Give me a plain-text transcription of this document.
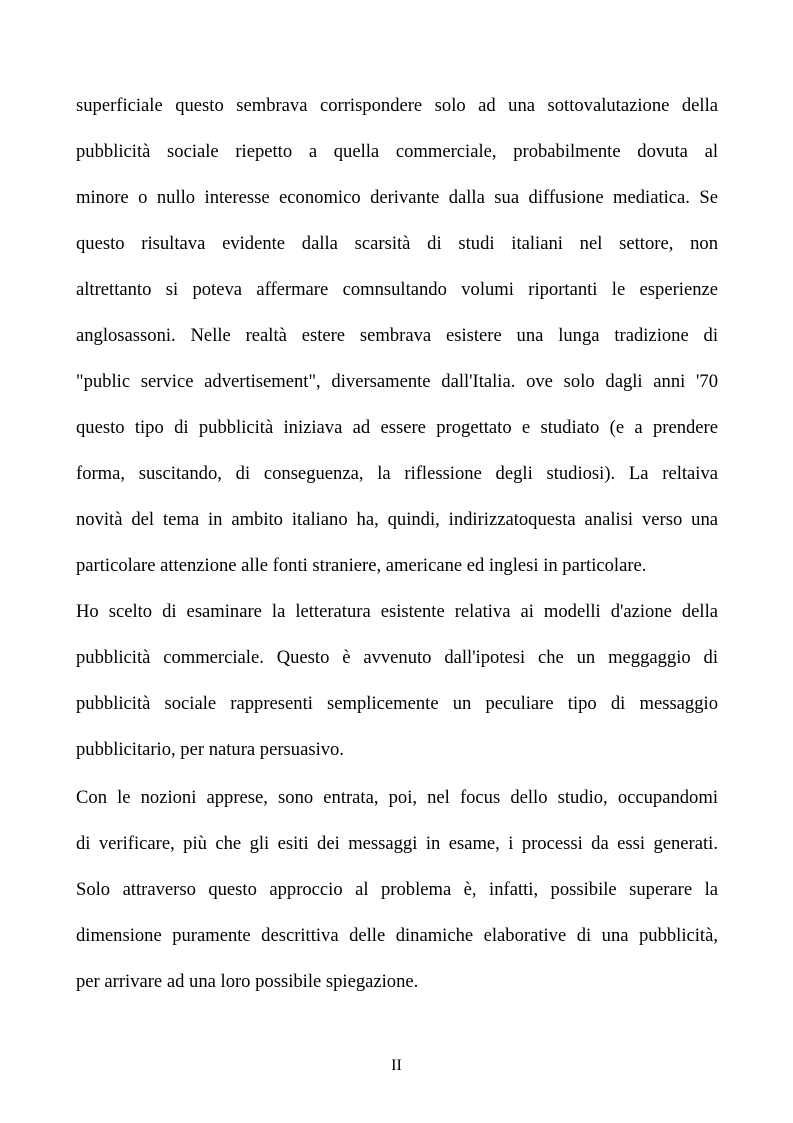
superficiale questo sembrava corrispondere solo ad una sottovalutazione della
pubblicità sociale riepetto a quella commerciale, probabilmente dovuta al
minore o nullo interesse economico derivante dalla sua diffusione mediatica. Se
questo risultava evidente dalla scarsità di studi italiani nel settore, non
altrettanto si poteva affermare comnsultando volumi riportanti le esperienze
anglosassoni. Nelle realtà estere sembrava esistere una lunga tradizione di
"public service advertisement", diversamente dall'Italia. ove solo dagli anni '70
questo tipo di pubblicità iniziava ad essere progettato e studiato (e a prendere
forma, suscitando, di conseguenza, la riflessione degli studiosi). La reltaiva
novità del tema in ambito italiano ha, quindi, indirizzatoquesta analisi verso una
particolare attenzione alle fonti straniere, americane ed inglesi in particolare.
Ho scelto di esaminare la letteratura esistente relativa ai modelli d'azione della
pubblicità commerciale. Questo è avvenuto dall'ipotesi che un meggaggio di
pubblicità sociale rappresenti semplicemente un peculiare tipo di messaggio
pubblicitario, per natura persuasivo.
Con le nozioni apprese, sono entrata, poi, nel focus dello studio, occupandomi
di verificare, più che gli esiti dei messaggi in esame, i processi da essi generati.
Solo attraverso questo approccio al problema è, infatti, possibile superare la
dimensione puramente descrittiva delle dinamiche elaborative di una pubblicità,
per arrivare ad una loro possibile spiegazione.
II
